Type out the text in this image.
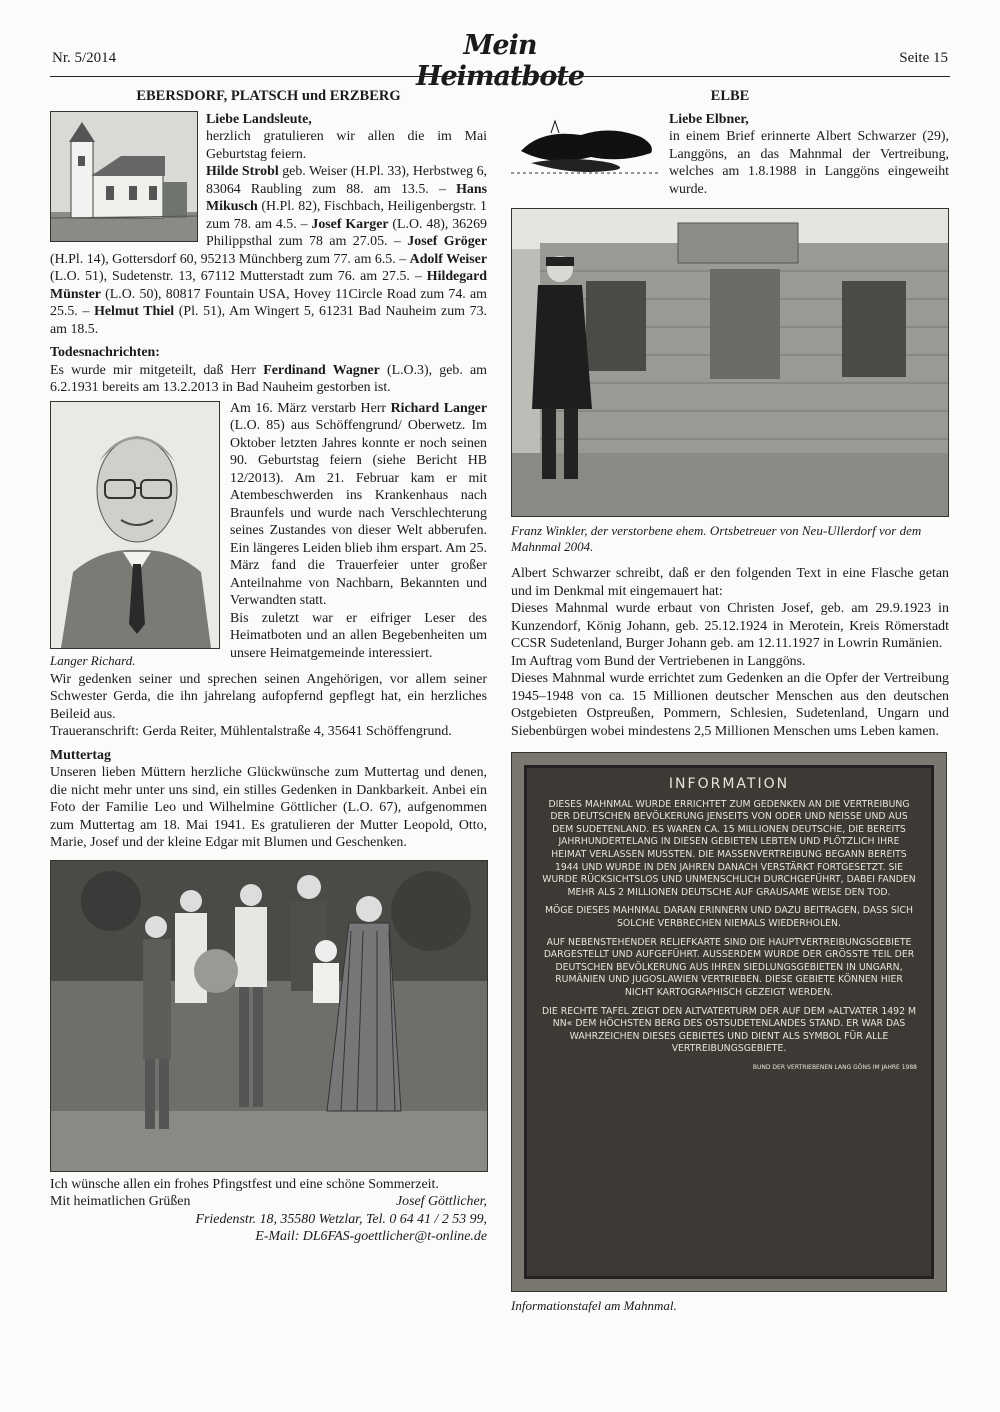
Nr. 5/2014	Mein Heimatbote
Seite 15
EBERSDORF, PLATSCH und ERZBERG

Liebe Landsleute,
herzlich gratulieren wir allen die im Mai Geburtstag feiern.
Hilde Strobl geb. Weiser (H.Pl. 33), Herbstweg 6, 83064 Raubling zum 88. am 13.5. – Hans Mikusch (H.Pl. 82), Fischbach, Heiligenbergstr. 1 zum 78. am 4.5. – Josef Karger (L.O. 48), 36269 Philippsthal zum 78 am 27.05. – Josef Gröger (H.Pl. 14), Gottersdorf 60, 95213 Münchberg zum 77. am 6.5. – Adolf Weiser (L.O. 51), Sudetenstr. 13, 67112 Mutterstadt zum 76. am 27.5. – Hildegard Münster (L.O. 50), 80817 Fountain USA, Hovey 11Circle Road zum 74. am 25.5. – Helmut Thiel (Pl. 51), Am Wingert 5, 61231 Bad Nauheim zum 73. am 18.5.

Todesnachrichten:

Es wurde mir mitgeteilt, daß Herr Ferdinand Wagner (L.O.3), geb. am 6.2.1931 bereits am 13.2.2013 in Bad Nauheim gestorben ist.

Langer Richard.

Am 16. März verstarb Herr Richard Langer (L.O. 85) aus Schöffengrund/ Oberwetz. Im Oktober letzten Jahres konnte er noch seinen 90. Geburtstag feiern (siehe Bericht HB 12/2013). Am 21. Februar kam er mit Atembeschwerden ins Krankenhaus nach Braunfels und wurde nach Verschlechterung seines Zustandes von dieser Welt abberufen. Ein längeres Leiden blieb ihm erspart. Am 25. März fand die Trauerfeier unter großer Anteilnahme von Nachbarn, Bekannten und Verwandten statt.

Bis zuletzt war er eifriger Leser des Heimatboten und an allen Begebenheiten um unsere Heimatgemeinde interessiert.

Wir gedenken seiner und sprechen seinen Angehörigen, vor allem seiner Schwester Gerda, die ihn jahrelang aufopfernd gepflegt hat, ein herzliches Beileid aus.

Traueranschrift: Gerda Reiter, Mühlentalstraße 4, 35641 Schöffengrund.

Muttertag

Unseren lieben Müttern herzliche Glückwünsche zum Muttertag und denen, die nicht mehr unter uns sind, ein stilles Gedenken in Dankbarkeit. Anbei ein Foto der Familie Leo und Wilhelmine Göttlicher (L.O. 67), aufgenommen zum Muttertag am 18. Mai 1941. Es gratulieren der Mutter Leopold, Otto, Marie, Josef und der kleine Edgar mit Blumen und Geschenken.

Ich wünsche allen ein frohes Pfingstfest und eine schöne Sommerzeit.

Mit heimatlichen Grüßen	Josef Göttlicher,

Friedenstr. 18, 35580 Wetzlar, Tel. 0 64 41 / 2 53 99,

E-Mail: DL6FAS-goettlicher@t-online.de

ELBE

Liebe Elbner,
in einem Brief erinnerte Albert Schwarzer (29), Langgöns, an das Mahnmal der Vertreibung, welches am 1.8.1988 in Langgöns eingeweiht wurde.

Franz Winkler, der verstorbene ehem. Ortsbetreuer von Neu-Ullerdorf vor dem Mahnmal 2004.

Albert Schwarzer schreibt, daß er den folgenden Text in eine Flasche getan und im Denkmal mit eingemauert hat:

Dieses Mahnmal wurde erbaut von Christen Josef, geb. am 29.9.1923 in Kunzendorf, König Johann, geb. 25.12.1924 in Merotein, Kreis Römerstadt CCSR Sudetenland, Burger Johann geb. am 12.11.1927 in Lowrin Rumänien.

Im Auftrag vom Bund der Vertriebenen in Langgöns.

Dieses Mahnmal wurde errichtet zum Gedenken an die Opfer der Vertreibung 1945–1948 von ca. 15 Millionen deutscher Menschen aus den deutschen Ostgebieten Ostpreußen, Pommern, Schlesien, Sudetenland, Ungarn und Siebenbürgen wobei mindestens 2,5 Millionen Menschen ums Leben kamen.

INFORMATION

DIESES MAHNMAL WURDE ERRICHTET ZUM GEDENKEN AN DIE VERTREIBUNG DER DEUTSCHEN BEVÖLKERUNG JENSEITS VON ODER UND NEISSE UND AUS DEM SUDETENLAND. ES WAREN CA. 15 MILLIONEN DEUTSCHE, DIE BEREITS JAHRHUNDERTELANG IN DIESEN GEBIETEN LEBTEN UND PLÖTZLICH IHRE HEIMAT VERLASSEN MUSSTEN. DIE MASSENVERTREIBUNG BEGANN BEREITS 1944 UND WURDE IN DEN JAHREN DANACH VERSTÄRKT FORTGESETZT. SIE WURDE RÜCKSICHTSLOS UND UNMENSCHLICH DURCHGEFÜHRT, DABEI FANDEN MEHR ALS 2 MILLIONEN DEUTSCHE AUF GRAUSAME WEISE DEN TOD.

MÖGE DIESES MAHNMAL DARAN ERINNERN UND DAZU BEITRAGEN, DASS SICH SOLCHE VERBRECHEN NIEMALS WIEDERHOLEN.

AUF NEBENSTEHENDER RELIEFKARTE SIND DIE HAUPTVERTREIBUNGSGEBIETE DARGESTELLT UND AUFGEFÜHRT. AUSSERDEM WURDE DER GRÖSSTE TEIL DER DEUTSCHEN BEVÖLKERUNG AUS IHREN SIEDLUNGSGEBIETEN IN UNGARN, RUMÄNIEN UND JUGOSLAWIEN VERTRIEBEN. DIESE GEBIETE KÖNNEN HIER NICHT KARTOGRAPHISCH GEZEIGT WERDEN.

DIE RECHTE TAFEL ZEIGT DEN ALTVATERTURM DER AUF DEM »ALTVATER 1492 M NN« DEM HÖCHSTEN BERG DES OSTSUDETENLANDES STAND. ER WAR DAS WAHRZEICHEN DIESES GEBIETES UND DIENT ALS SYMBOL FÜR ALLE VERTREIBUNGSGEBIETE.

BUND DER VERTRIEBENEN LANG GÖNS IM JAHRE 1988

Informationstafel am Mahnmal.
